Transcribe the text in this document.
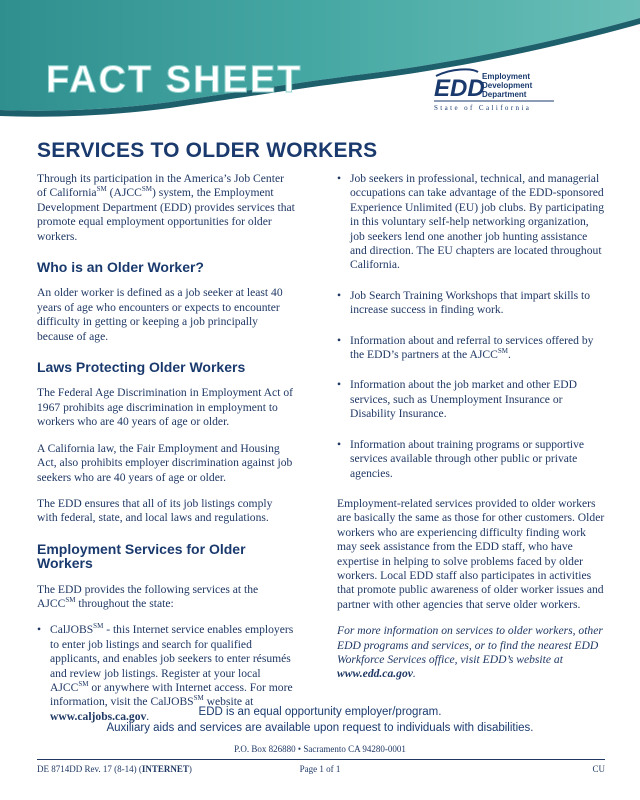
FACT SHEET	EDD
Employment
Development
Department
State of California
SERVICES TO OLDER WORKERS

Through its participation in the America’s Job Center of California℠ (AJCC℠) system, the Employment Development Department (EDD) provides services that promote equal employment opportunities for older workers.

Who is an Older Worker?

An older worker is defined as a job seeker at least 40 years of age who encounters or expects to encounter difficulty in getting or keeping a job principally because of age.

Laws Protecting Older Workers

The Federal Age Discrimination in Employment Act of 1967 prohibits age discrimination in employment to workers who are 40 years of age or older.

A California law, the Fair Employment and Housing Act, also prohibits employer discrimination against job seekers who are 40 years of age or older.

The EDD ensures that all of its job listings comply with federal, state, and local laws and regulations.

Employment Services for Older Workers

The EDD provides the following services at the AJCC℠ throughout the state:

• CalJOBS℠ - this Internet service enables employers to enter job listings and search for qualified applicants, and enables job seekers to enter résumés and review job listings. Register at your local AJCC℠ or anywhere with Internet access. For more information, visit the CalJOBS℠ website at www.caljobs.ca.gov.
• Job seekers in professional, technical, and managerial occupations can take advantage of the EDD-sponsored Experience Unlimited (EU) job clubs. By participating in this voluntary self-help networking organization, job seekers lend one another job hunting assistance and direction. The EU chapters are located throughout California.
• Job Search Training Workshops that impart skills to increase success in finding work.
• Information about and referral to services offered by the EDD’s partners at the AJCC℠.
• Information about the job market and other EDD services, such as Unemployment Insurance or Disability Insurance.
• Information about training programs or supportive services available through other public or private agencies.

Employment-related services provided to older workers are basically the same as those for other customers. Older workers who are experiencing difficulty finding work may seek assistance from the EDD staff, who have expertise in helping to solve problems faced by older workers. Local EDD staff also participates in activities that promote public awareness of older worker issues and partner with other agencies that serve older workers.

For more information on services to older workers, other EDD programs and services, or to find the nearest EDD Workforce Services office, visit EDD’s website at www.edd.ca.gov.

EDD is an equal opportunity employer/program.
Auxiliary aids and services are available upon request to individuals with disabilities.
P.O. Box 826880 • Sacramento CA 94280-0001
DE 8714DD Rev. 17 (8-14) (INTERNET)	Page 1 of 1	CU
